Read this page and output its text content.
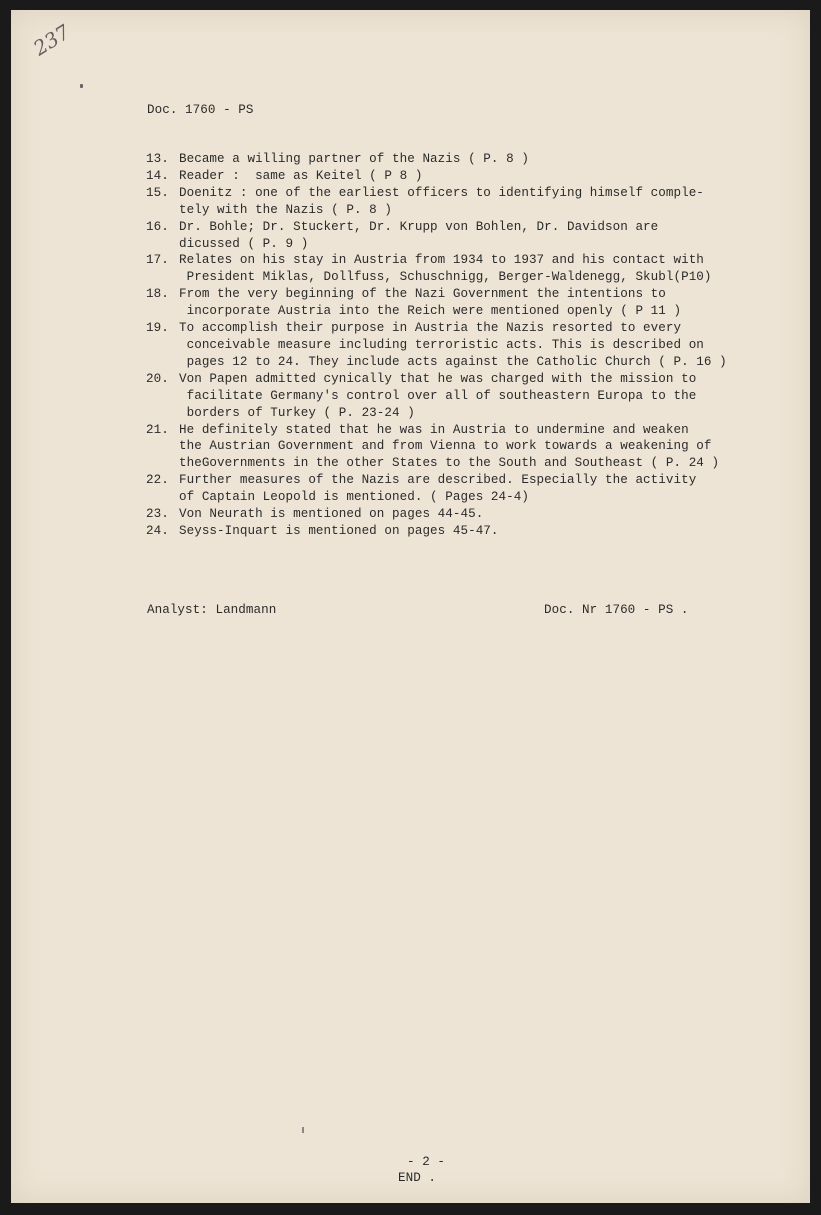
237
Doc. 1760 - PS
13. Became a willing partner of the Nazis ( P. 8 )
14. Reader :  same as Keitel ( P 8 )
15. Doenitz : one of the earliest officers to identifying himself comple-
tely with the Nazis ( P. 8 )
16. Dr. Bohle; Dr. Stuckert, Dr. Krupp von Bohlen, Dr. Davidson are
dicussed ( P. 9 )
17. Relates on his stay in Austria from 1934 to 1937 and his contact with
President Miklas, Dollfuss, Schuschnigg, Berger-Waldenegg, Skubl(P10)
18. From the very beginning of the Nazi Government the intentions to
incorporate Austria into the Reich were mentioned openly ( P 11 )
19. To accomplish their purpose in Austria the Nazis resorted to every
conceivable measure including terroristic acts. This is described on
pages 12 to 24. They include acts against the Catholic Church ( P. 16 )
20. Von Papen admitted cynically that he was charged with the mission to
facilitate Germany's control over all of southeastern Europa to the
borders of Turkey ( P. 23-24 )
21. He definitely stated that he was in Austria to undermine and weaken
the Austrian Government and from Vienna to work towards a weakening of
theGovernments in the other States to the South and Southeast ( P. 24 )
22. Further measures of the Nazis are described. Especially the activity
of Captain Leopold is mentioned. ( Pages 24-4)
23. Von Neurath is mentioned on pages 44-45.
24. Seyss-Inquart is mentioned on pages 45-47.
Analyst: Landmann	Doc. Nr 1760 - PS .
- 2 -
END .
